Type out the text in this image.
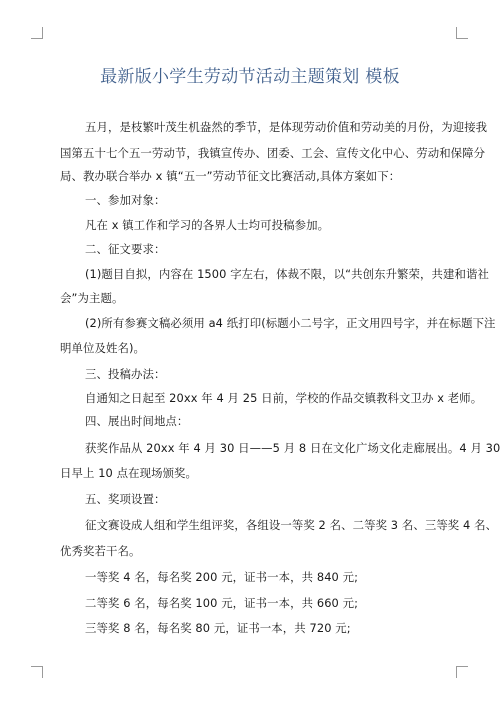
最新版小学生劳动节活动主题策划 模板
五月，是枝繁叶茂生机盎然的季节，是体现劳动价值和劳动美的月份，为迎接我
国第五十七个五一劳动节，我镇宣传办、团委、工会、宣传文化中心、劳动和保障分
局、教办联合举办 x 镇“五一”劳动节征文比赛活动,具体方案如下：
一、参加对象：
凡在 x 镇工作和学习的各界人士均可投稿参加。
二、征文要求：
(1)题目自拟，内容在 1500 字左右，体裁不限，以“共创东升繁荣，共建和谐社
会”为主题。
(2)所有参赛文稿必须用 a4 纸打印(标题小二号字，正文用四号字，并在标题下注
明单位及姓名)。
三、投稿办法：
自通知之日起至 20xx 年 4 月 25 日前，学校的作品交镇教科文卫办 x 老师。
四、展出时间地点：
获奖作品从 20xx 年 4 月 30 日——5 月 8 日在文化广场文化走廊展出。4 月 30
日早上 10 点在现场颁奖。
五、奖项设置：
征文赛设成人组和学生组评奖，各组设一等奖 2 名、二等奖 3 名、三等奖 4 名、
优秀奖若干名。
一等奖 4 名，每名奖 200 元，证书一本，共 840 元;
二等奖 6 名，每名奖 100 元，证书一本，共 660 元;
三等奖 8 名，每名奖 80 元，证书一本，共 720 元;
